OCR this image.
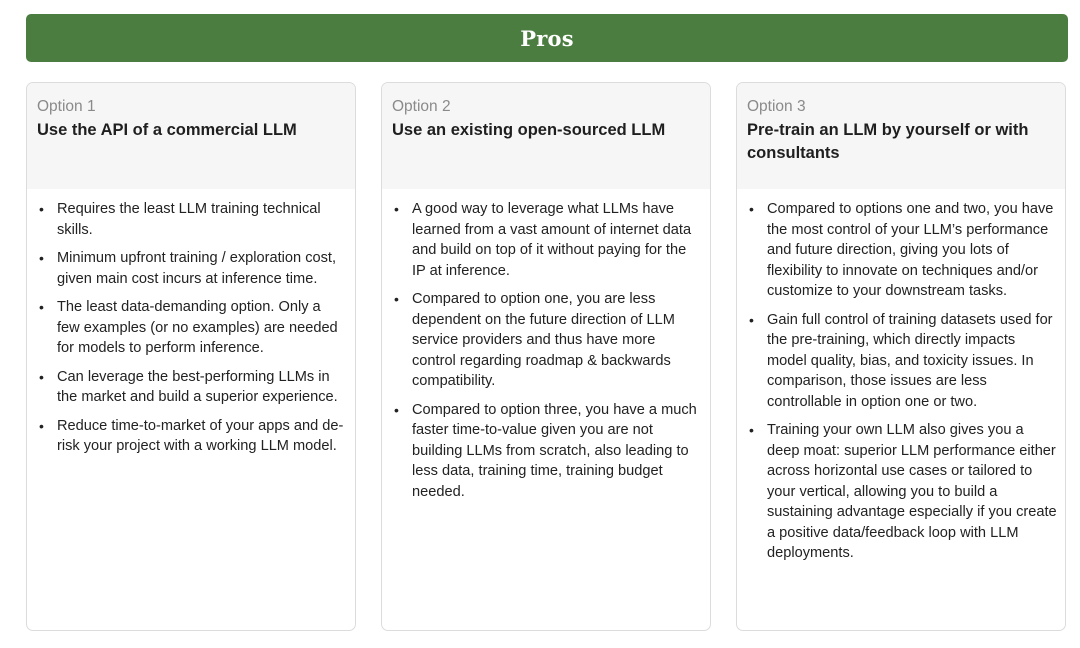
Pros
Option 1
Use the API of a commercial LLM
• Requires the least LLM training technical skills.
• Minimum upfront training / exploration cost, given main cost incurs at inference time.
• The least data-demanding option. Only a few examples (or no examples) are needed for models to perform inference.
• Can leverage the best-performing LLMs in the market and build a superior experience.
• Reduce time-to-market of your apps and de-risk your project with a working LLM model.
Option 2
Use an existing open-sourced LLM
• A good way to leverage what LLMs have learned from a vast amount of internet data and build on top of it without paying for the IP at inference.
• Compared to option one, you are less dependent on the future direction of LLM service providers and thus have more control regarding roadmap & backwards compatibility.
• Compared to option three, you have a much faster time-to-value given you are not building LLMs from scratch, also leading to less data, training time, training budget needed.
Option 3
Pre-train an LLM by yourself or with consultants
• Compared to options one and two, you have the most control of your LLM’s performance and future direction, giving you lots of flexibility to innovate on techniques and/or customize to your downstream tasks.
• Gain full control of training datasets used for the pre-training, which directly impacts model quality, bias, and toxicity issues. In comparison, those issues are less controllable in option one or two.
• Training your own LLM also gives you a deep moat: superior LLM performance either across horizontal use cases or tailored to your vertical, allowing you to build a sustaining advantage especially if you create a positive data/feedback loop with LLM deployments.
